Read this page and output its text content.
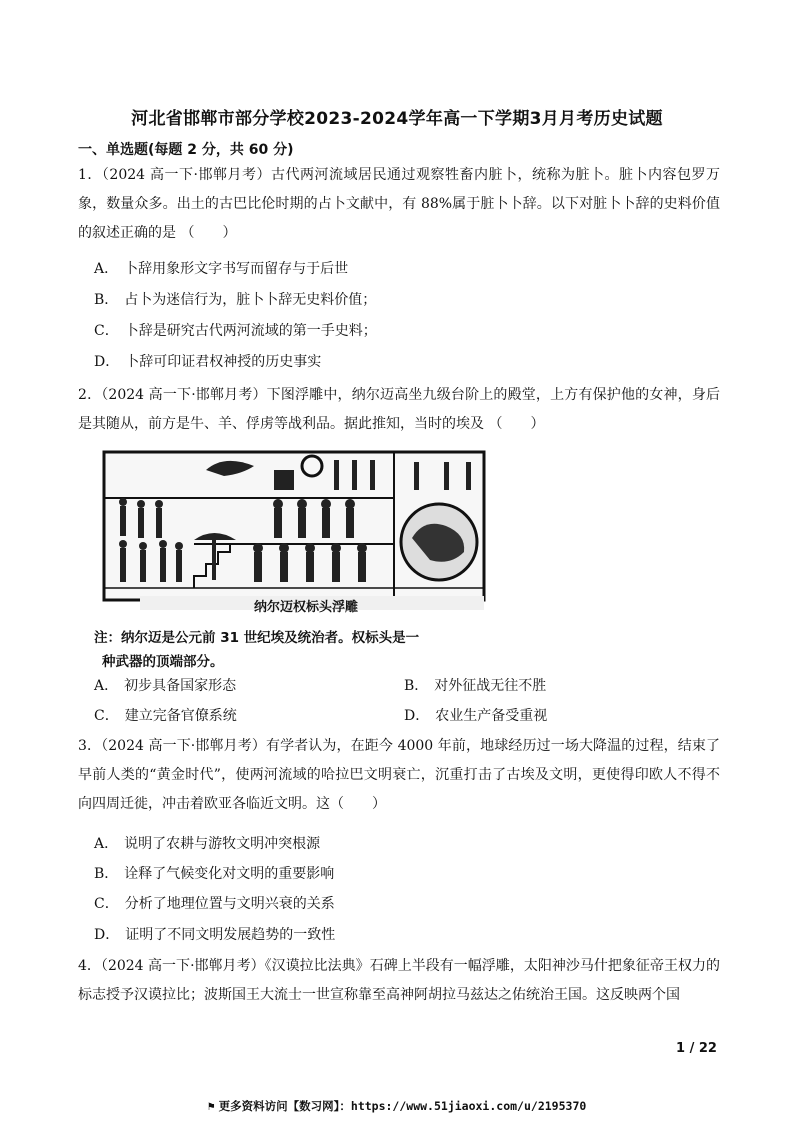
河北省邯郸市部分学校2023-2024学年高一下学期3月月考历史试题
一、单选题(每题 2 分，共 60 分)
1．（2024 高一下·邯郸月考）古代两河流域居民通过观察牲畜内脏卜，统称为脏卜。脏卜内容包罗万象，数量众多。出土的古巴比伦时期的占卜文献中，有 88%属于脏卜卜辞。以下对脏卜卜辞的史料价值的叙述正确的是 （　　）
A． 卜辞用象形文字书写而留存与于后世
B． 占卜为迷信行为，脏卜卜辞无史料价值；
C． 卜辞是研究古代两河流域的第一手史料；
D． 卜辞可印证君权神授的历史事实
2．（2024 高一下·邯郸月考）下图浮雕中，纳尔迈高坐九级台阶上的殿堂，上方有保护他的女神，身后是其随从，前方是牛、羊、俘虏等战利品。据此推知，当时的埃及 （　　）
纳尔迈权标头浮雕
注：纳尔迈是公元前 31 世纪埃及统治者。权标头是一
种武器的顶端部分。
A． 初步具备国家形态	B． 对外征战无往不胜
C． 建立完备官僚系统	D． 农业生产备受重视
3．（2024 高一下·邯郸月考）有学者认为，在距今 4000 年前，地球经历过一场大降温的过程，结束了早前人类的“黄金时代”，使两河流域的哈拉巴文明衰亡，沉重打击了古埃及文明，更使得印欧人不得不向四周迁徙，冲击着欧亚各临近文明。这（　　）
A． 说明了农耕与游牧文明冲突根源
B． 诠释了气候变化对文明的重要影响
C． 分析了地理位置与文明兴衰的关系
D． 证明了不同文明发展趋势的一致性
4．（2024 高一下·邯郸月考）《汉谟拉比法典》石碑上半段有一幅浮雕，太阳神沙马什把象征帝王权力的标志授予汉谟拉比；波斯国王大流士一世宣称靠至高神阿胡拉马兹达之佑统治王国。这反映两个国
1 / 22
⚑ 更多资料访问【数习网】：https://www.51jiaoxi.com/u/2195370
